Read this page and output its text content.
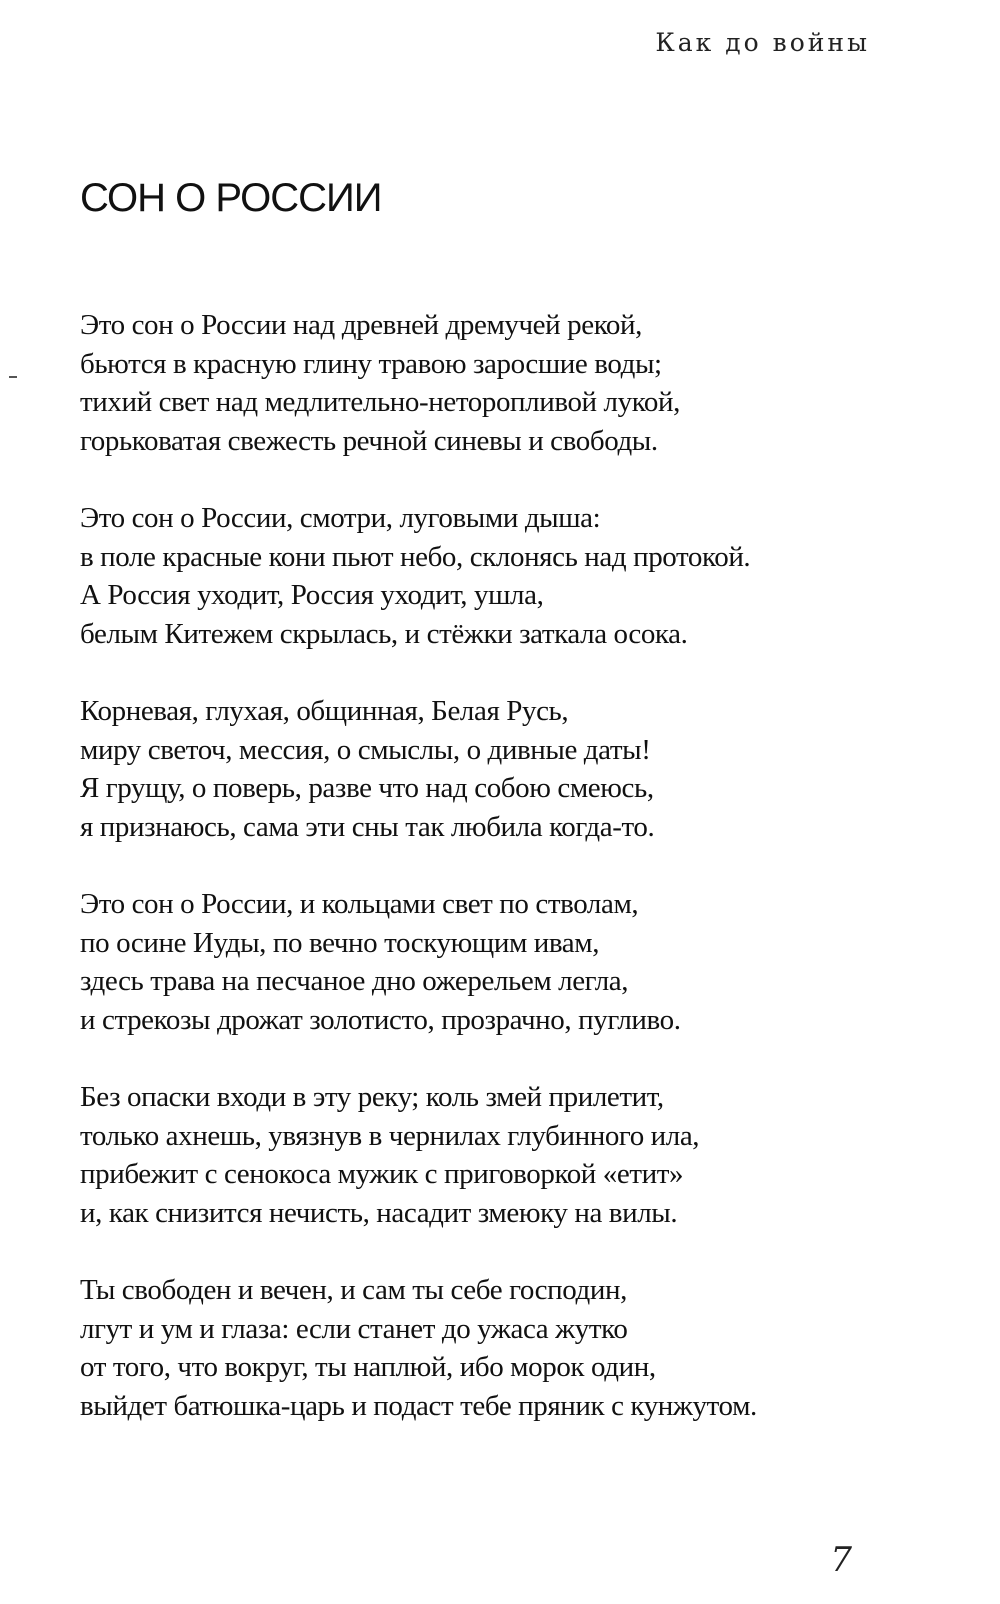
Как до войны
СОН О РОССИИ
Это сон о России над древней дремучей рекой,
бьются в красную глину травою заросшие воды;
тихий свет над медлительно-неторопливой лукой,
горьковатая свежесть речной синевы и свободы.
Это сон о России, смотри, луговыми дыша:
в поле красные кони пьют небо, склонясь над протокой.
А Россия уходит, Россия уходит, ушла,
белым Китежем скрылась, и стёжки заткала осока.
Корневая, глухая, общинная, Белая Русь,
миру светоч, мессия, о смыслы, о дивные даты!
Я грущу, о поверь, разве что над собою смеюсь,
я признаюсь, сама эти сны так любила когда-то.
Это сон о России, и кольцами свет по стволам,
по осине Иуды, по вечно тоскующим ивам,
здесь трава на песчаное дно ожерельем легла,
и стрекозы дрожат золотисто, прозрачно, пугливо.
Без опаски входи в эту реку; коль змей прилетит,
только ахнешь, увязнув в чернилах глубинного ила,
прибежит с сенокоса мужик с приговоркой «етит»
и, как снизится нечисть, насадит змеюку на вилы.
Ты свободен и вечен, и сам ты себе господин,
лгут и ум и глаза: если станет до ужаса жутко
от того, что вокруг, ты наплюй, ибо морок один,
выйдет батюшка-царь и подаст тебе пряник с кунжутом.
7
